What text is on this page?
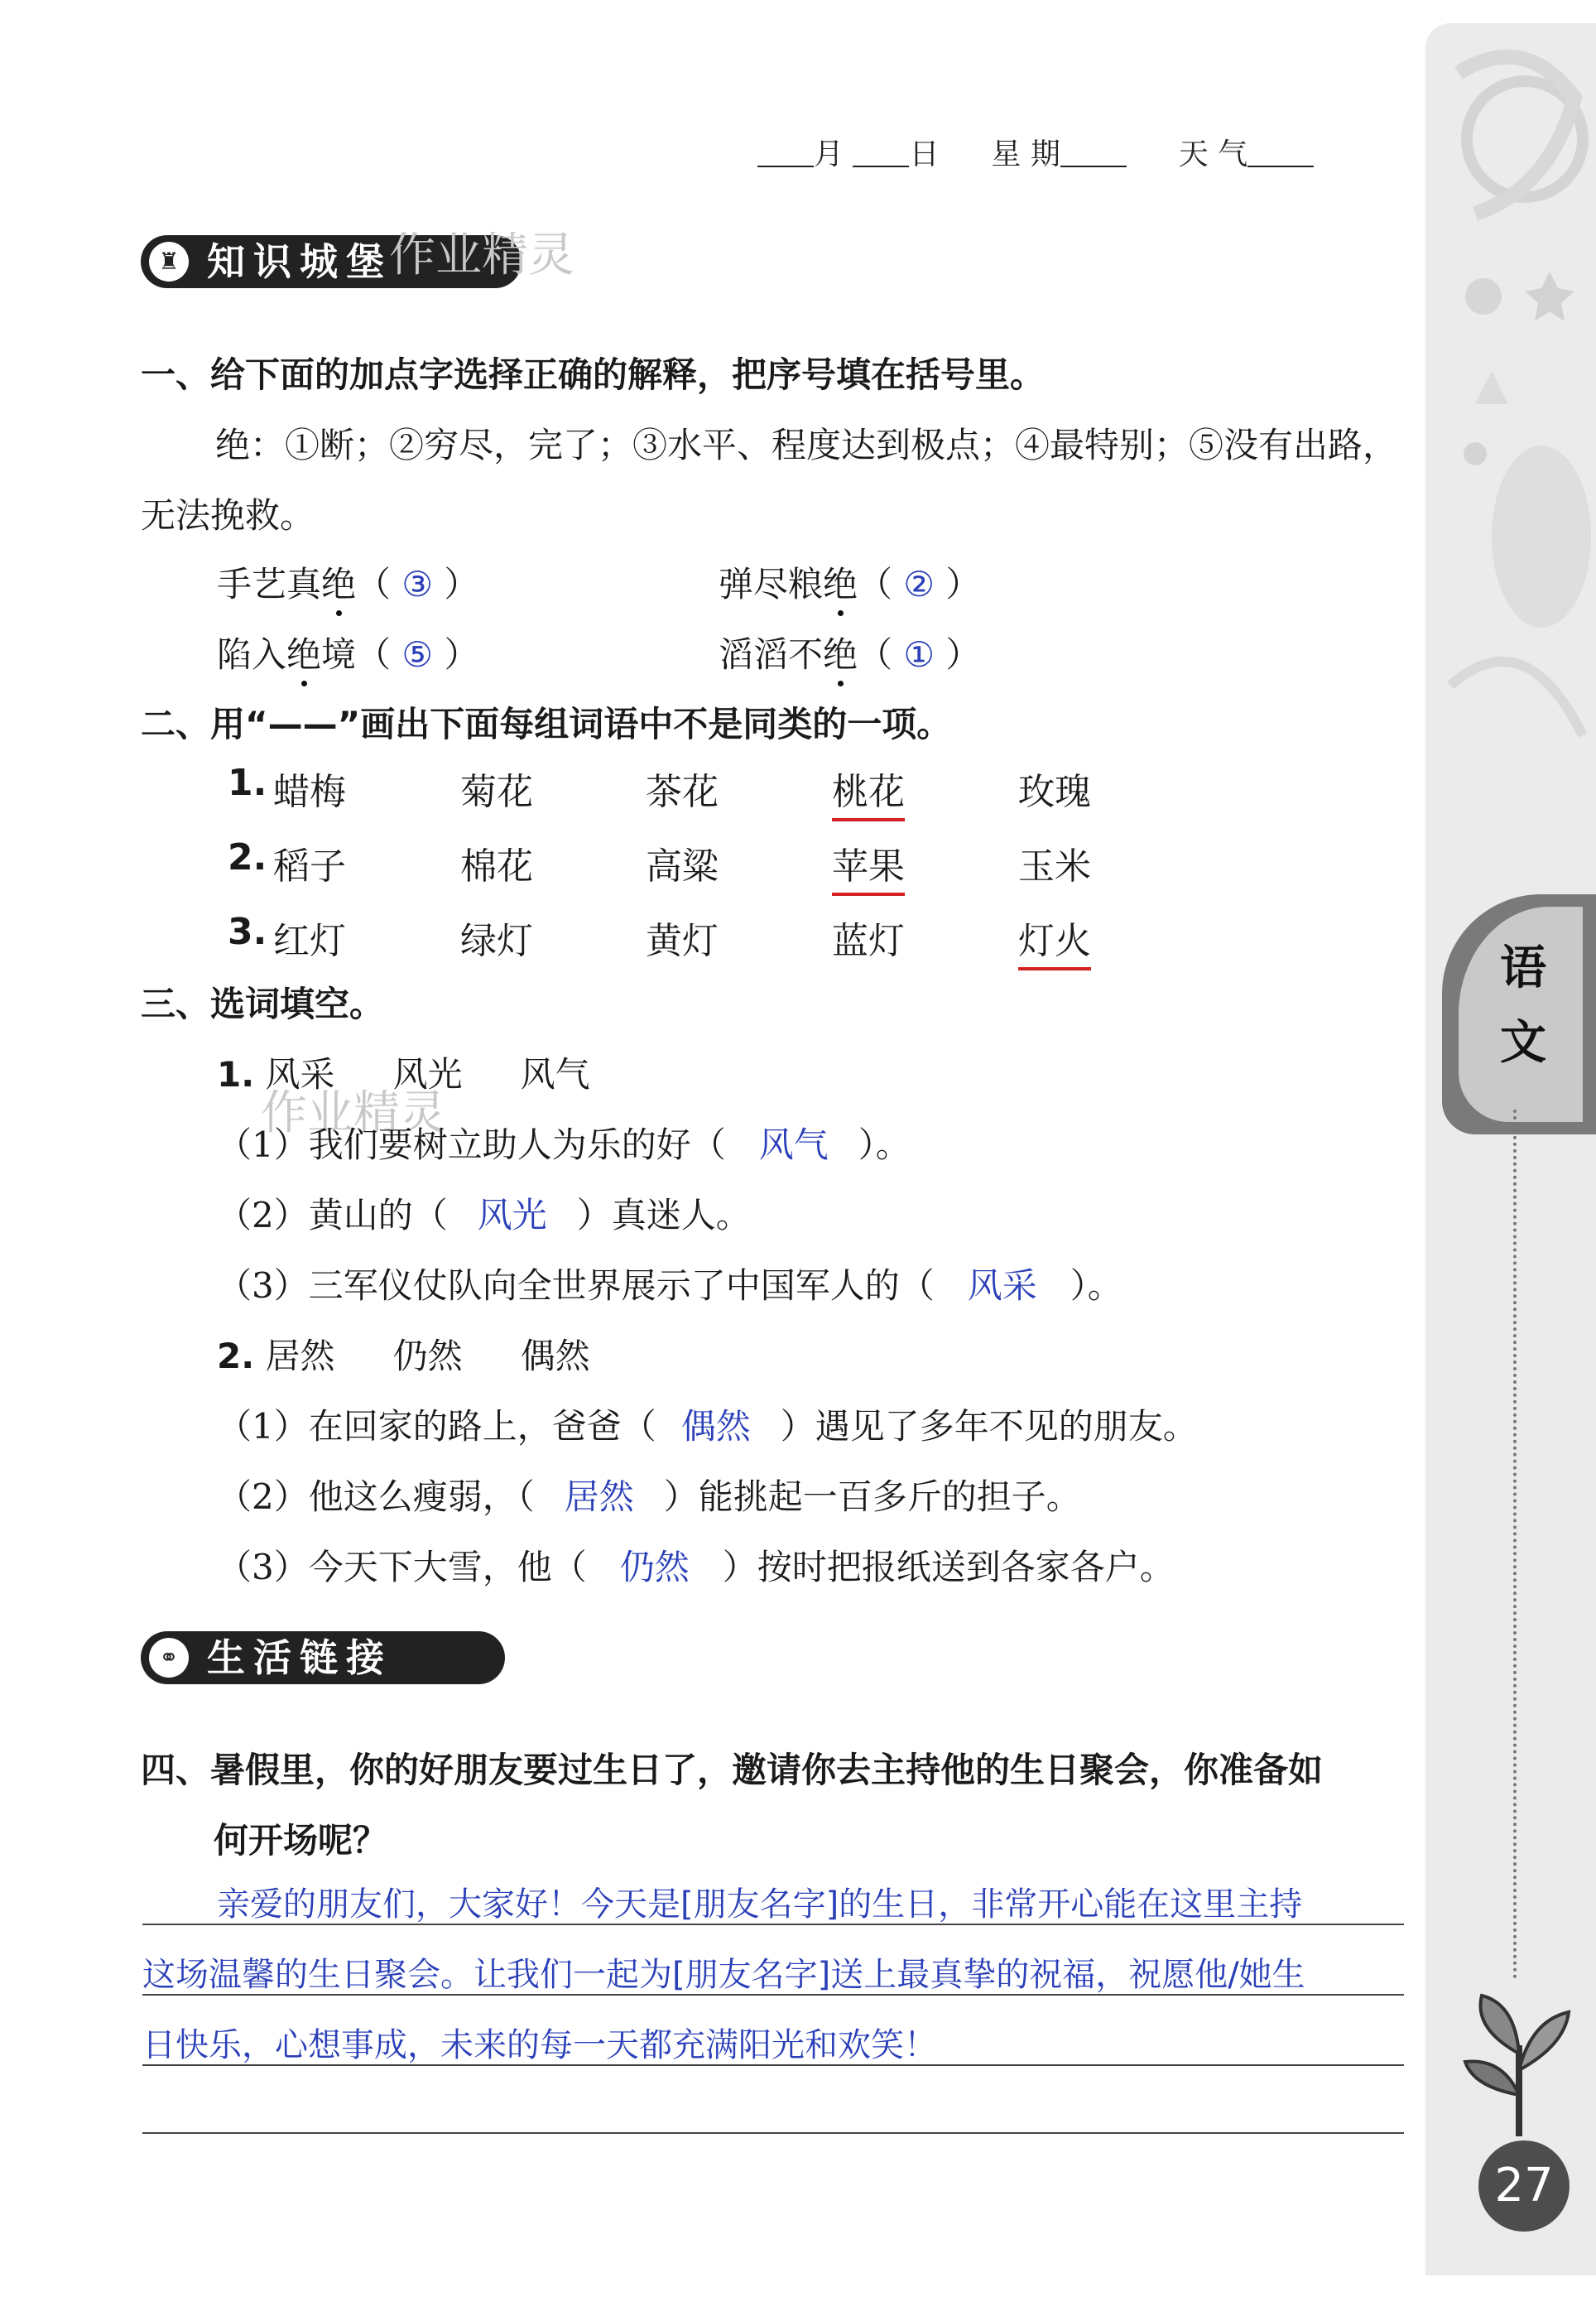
语
文
27
月 日 星 期	天 气
♜ 知识城堡
作业精灵
一、给下面的加点字选择正确的解释，把序号填在括号里。
绝：①断；②穷尽，完了；③水平、程度达到极点；④最特别；⑤没有出路，
无法挽救。
手艺真绝（ ③ ）	弹尽粮绝（ ② ）
陷入绝境（ ⑤ ）	滔滔不绝（ ① ）
二、用“——”画出下面每组词语中不是同类的一项。
1. 蜡梅	菊花	茶花	桃花	玫瑰
2. 稻子	棉花	高粱	苹果	玉米
3. 红灯	绿灯	黄灯	蓝灯	灯火
三、选词填空。
作业精灵
1. 风采 风光 风气
（1）我们要树立助人为乐的好（ 风气 ）。
（2）黄山的（ 风光 ）真迷人。
（3）三军仪仗队向全世界展示了中国军人的（ 风采 ）。
2. 居然 仍然 偶然
（1）在回家的路上，爸爸（ 偶然 ）遇见了多年不见的朋友。
（2）他这么瘦弱，（ 居然 ）能挑起一百多斤的担子。
（3）今天下大雪，他（ 仍然 ）按时把报纸送到各家各户。
⚭ 生活链接
四、暑假里，你的好朋友要过生日了，邀请你去主持他的生日聚会，你准备如
何开场呢？
亲爱的朋友们，大家好！今天是[朋友名字]的生日，非常开心能在这里主持
这场温馨的生日聚会。让我们一起为[朋友名字]送上最真挚的祝福，祝愿他/她生
日快乐，心想事成，未来的每一天都充满阳光和欢笑！
